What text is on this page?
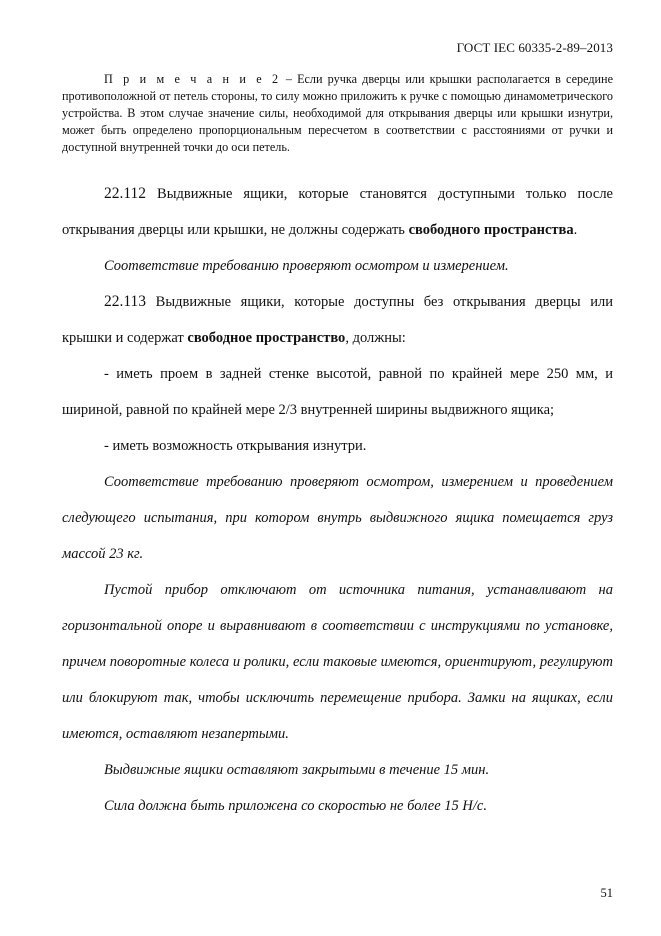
ГОСТ IEC 60335-2-89–2013
П р и м е ч а н и е 2 – Если ручка дверцы или крышки располагается в середине противоположной от петель стороны, то силу можно приложить к ручке с помощью динамометрического устройства. В этом случае значение силы, необходимой для открывания дверцы или крышки изнутри, может быть определено пропорциональным пересчетом в соответствии с расстояниями от ручки и доступной внутренней точки до оси петель.

22.112 Выдвижные ящики, которые становятся доступными только после открывания дверцы или крышки, не должны содержать свободного пространства.

Соответствие требованию проверяют осмотром и измерением.

22.113 Выдвижные ящики, которые доступны без открывания дверцы или крышки и содержат свободное пространство, должны:

- иметь проем в задней стенке высотой, равной по крайней мере 250 мм, и шириной, равной по крайней мере 2/3 внутренней ширины выдвижного ящика;

- иметь возможность открывания изнутри.

Соответствие требованию проверяют осмотром, измерением и проведением следующего испытания, при котором внутрь выдвижного ящика помещается груз массой 23 кг.

Пустой прибор отключают от источника питания, устанавливают на горизонтальной опоре и выравнивают в соответствии с инструкциями по установке, причем поворотные колеса и ролики, если таковые имеются, ориентируют, регулируют или блокируют так, чтобы исключить перемещение прибора. Замки на ящиках, если имеются, оставляют незапертыми.

Выдвижные ящики оставляют закрытыми в течение 15 мин.

Сила должна быть приложена со скоростью не более 15 Н/с.

51
